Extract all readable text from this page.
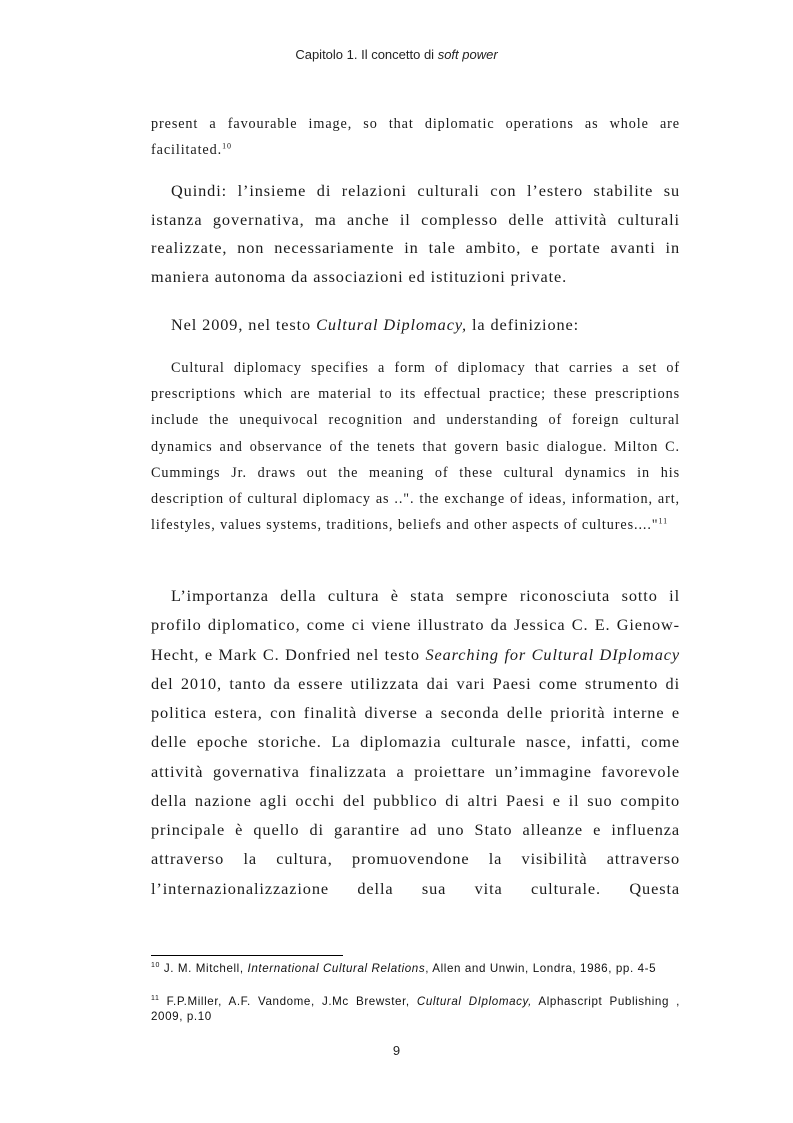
Capitolo 1. Il concetto di soft power

present a favourable image, so that diplomatic operations as whole are facilitated.$^{10}$

Quindi: l’insieme di relazioni culturali con l’estero stabilite su istanza governativa, ma anche il complesso delle attività culturali realizzate, non necessariamente in tale ambito, e portate avanti in maniera autonoma da associazioni ed istituzioni private.

Nel 2009, nel testo Cultural Diplomacy, la definizione:

Cultural diplomacy specifies a form of diplomacy that carries a set of prescriptions which are material to its effectual practice; these prescriptions include the unequivocal recognition and understanding of foreign cultural dynamics and observance of the tenets that govern basic dialogue. Milton C. Cummings Jr. draws out the meaning of these cultural dynamics in his description of cultural diplomacy as ..". the exchange of ideas, information, art, lifestyles, values systems, traditions, beliefs and other aspects of cultures...."$^{11}$

L’importanza della cultura è stata sempre riconosciuta sotto il profilo diplomatico, come ci viene illustrato da Jessica C. E. Gienow-Hecht, e Mark C. Donfried nel testo Searching for Cultural DIplomacy del 2010, tanto da essere utilizzata dai vari Paesi come strumento di politica estera, con finalità diverse a seconda delle priorità interne e delle epoche storiche. La diplomazia culturale nasce, infatti, come attività governativa finalizzata a proiettare un’immagine favorevole della nazione agli occhi del pubblico di altri Paesi e il suo compito principale è quello di garantire ad uno Stato alleanze e influenza attraverso la cultura, promuovendone la visibilità attraverso l’internazionalizzazione della sua vita culturale. Questa

$^{10}$ J. M. Mitchell, International Cultural Relations, Allen and Unwin, Londra, 1986, pp. 4-5
$^{11}$ F.P.Miller, A.F. Vandome, J.Mc Brewster, Cultural DIplomacy, Alphascript Publishing , 2009, p.10
9
